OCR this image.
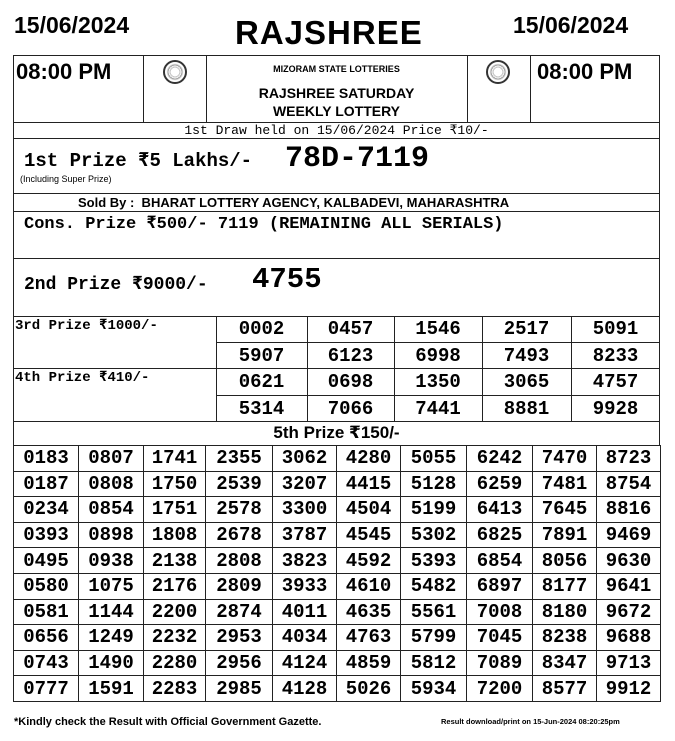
15/06/2024	RAJSHREE	15/06/2024
08:00 PM	MIZORAM STATE LOTTERIES
RAJSHREE SATURDAY
WEEKLY LOTTERY
08:00 PM
1st Draw held on 15/06/2024 Price ₹10/-
1st Prize ₹5 Lakhs/-
(Including Super Prize)
78D-7119
Sold By :  BHARAT LOTTERY AGENCY, KALBADEVI, MAHARASHTRA
Cons. Prize ₹500/- 7119 (REMAINING ALL SERIALS)
2nd Prize ₹9000/- 4755
3rd Prize ₹1000/-
4th Prize ₹410/-
0002	0457	1546	2517	5091
5907	6123	6998	7493	8233
0621	0698	1350	3065	4757
5314	7066	7441	8881	9928
5th Prize ₹150/-
0183	0807	1741	2355	3062	4280	5055	6242	7470	8723
0187	0808	1750	2539	3207	4415	5128	6259	7481	8754
0234	0854	1751	2578	3300	4504	5199	6413	7645	8816
0393	0898	1808	2678	3787	4545	5302	6825	7891	9469
0495	0938	2138	2808	3823	4592	5393	6854	8056	9630
0580	1075	2176	2809	3933	4610	5482	6897	8177	9641
0581	1144	2200	2874	4011	4635	5561	7008	8180	9672
0656	1249	2232	2953	4034	4763	5799	7045	8238	9688
0743	1490	2280	2956	4124	4859	5812	7089	8347	9713
0777	1591	2283	2985	4128	5026	5934	7200	8577	9912
*Kindly check the Result with Official Government Gazette.	Result download/print on 15-Jun-2024 08:20:25pm
